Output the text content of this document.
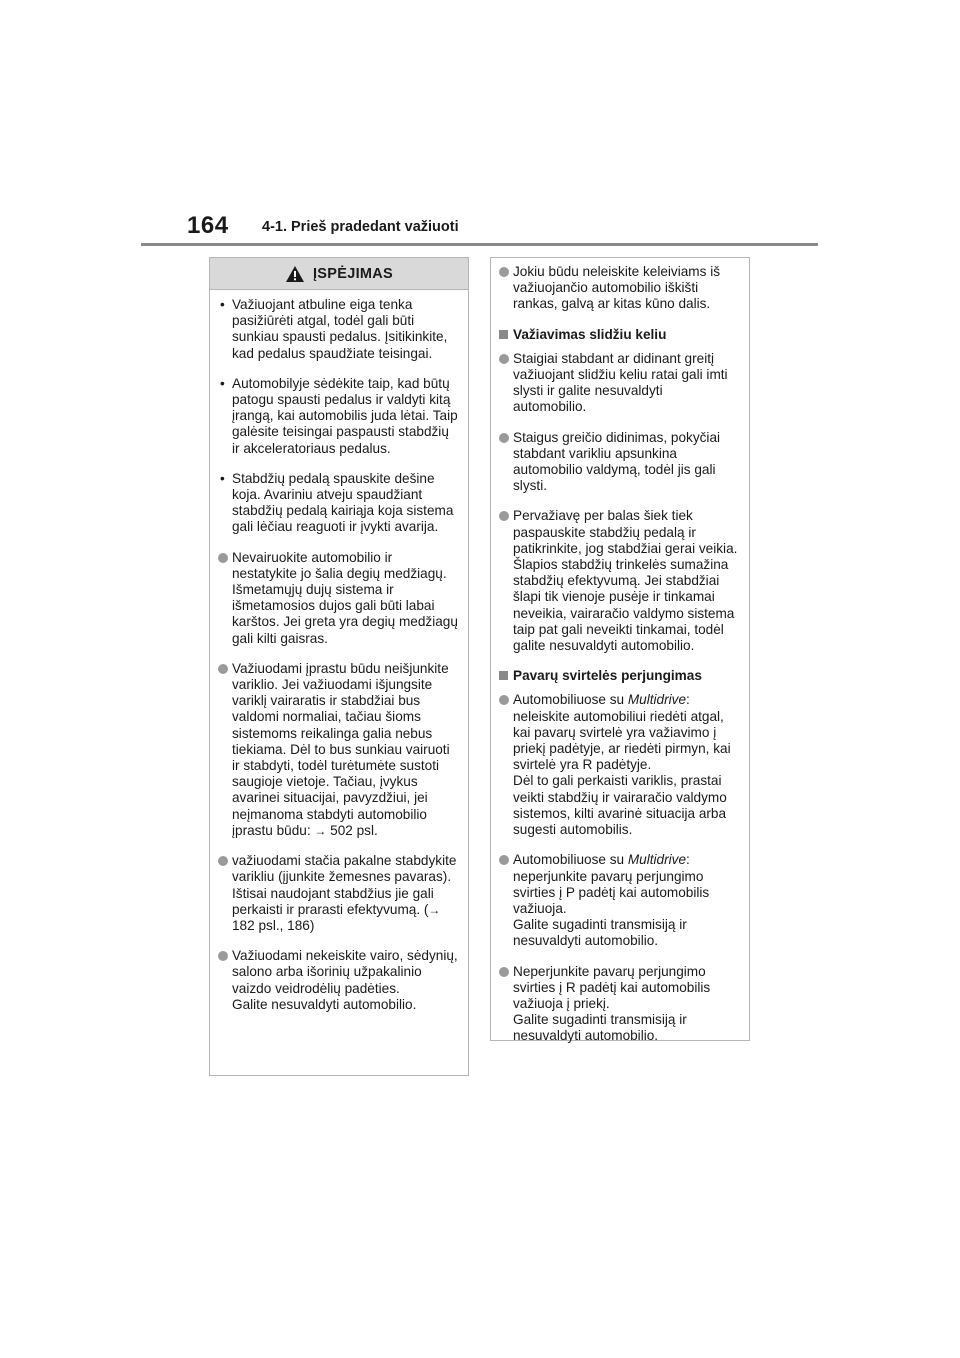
164 4-1. Prieš pradedant važiuoti
ĮSPĖJIMAS
• Važiuojant atbuline eiga tenka pasižiūrėti atgal, todėl gali būti sunkiau spausti pedalus. Įsitikinkite, kad pedalus spaudžiate teisingai.
• Automobilyje sėdėkite taip, kad būtų patogu spausti pedalus ir valdyti kitą įrangą, kai automobilis juda lėtai. Taip galėsite teisingai paspausti stabdžių ir akceleratoriaus pedalus.
• Stabdžių pedalą spauskite dešine koja. Avariniu atveju spaudžiant stabdžių pedalą kairiąja koja sistema gali lėčiau reaguoti ir įvykti avarija.
Nevairuokite automobilio ir nestatykite jo šalia degių medžiagų. Išmetamųjų dujų sistema ir išmetamosios dujos gali būti labai karštos. Jei greta yra degių medžiagų gali kilti gaisras.
Važiuodami įprastu būdu neišjunkite variklio. Jei važiuodami išjungsite variklį vairaratis ir stabdžiai bus valdomi normaliai, tačiau šioms sistemoms reikalinga galia nebus tiekiama. Dėl to bus sunkiau vairuoti ir stabdyti, todėl turėtumėte sustoti saugioje vietoje. Tačiau, įvykus avarinei situacijai, pavyzdžiui, jei neįmanoma stabdyti automobilio įprastu būdu: → 502 psl.
važiuodami stačia pakalne stabdykite varikliu (įjunkite žemesnes pavaras).
Ištisai naudojant stabdžius jie gali perkaisti ir prarasti efektyvumą. (→
182 psl., 186)
Važiuodami nekeiskite vairo, sėdynių, salono arba išorinių užpakalinio vaizdo veidrodėlių padėties.
Galite nesuvaldyti automobilio.
Jokiu būdu neleiskite keleiviams iš važiuojančio automobilio iškišti rankas, galvą ar kitas kūno dalis.
Važiavimas slidžiu keliu
Staigiai stabdant ar didinant greitį važiuojant slidžiu keliu ratai gali imti slysti ir galite nesuvaldyti automobilio.
Staigus greičio didinimas, pokyčiai stabdant varikliu apsunkina automobilio valdymą, todėl jis gali slysti.
Pervažiavę per balas šiek tiek paspauskite stabdžių pedalą ir patikrinkite, jog stabdžiai gerai veikia. Šlapios stabdžių trinkelės sumažina stabdžių efektyvumą. Jei stabdžiai šlapi tik vienoje pusėje ir tinkamai neveikia, vairaračio valdymo sistema taip pat gali neveikti tinkamai, todėl galite nesuvaldyti automobilio.
Pavarų svirtelės perjungimas
Automobiliuose su Multidrive: neleiskite automobiliui riedėti atgal, kai pavarų svirtelė yra važiavimo į priekį padėtyje, ar riedėti pirmyn, kai svirtelė yra R padėtyje.
Dėl to gali perkaisti variklis, prastai veikti stabdžių ir vairaračio valdymo sistemos, kilti avarinė situacija arba sugesti automobilis.
Automobiliuose su Multidrive: neperjunkite pavarų perjungimo svirties į P padėtį kai automobilis važiuoja.
Galite sugadinti transmisiją ir nesuvaldyti automobilio.
Neperjunkite pavarų perjungimo svirties į R padėtį kai automobilis važiuoja į priekį.
Galite sugadinti transmisiją ir nesuvaldyti automobilio.
